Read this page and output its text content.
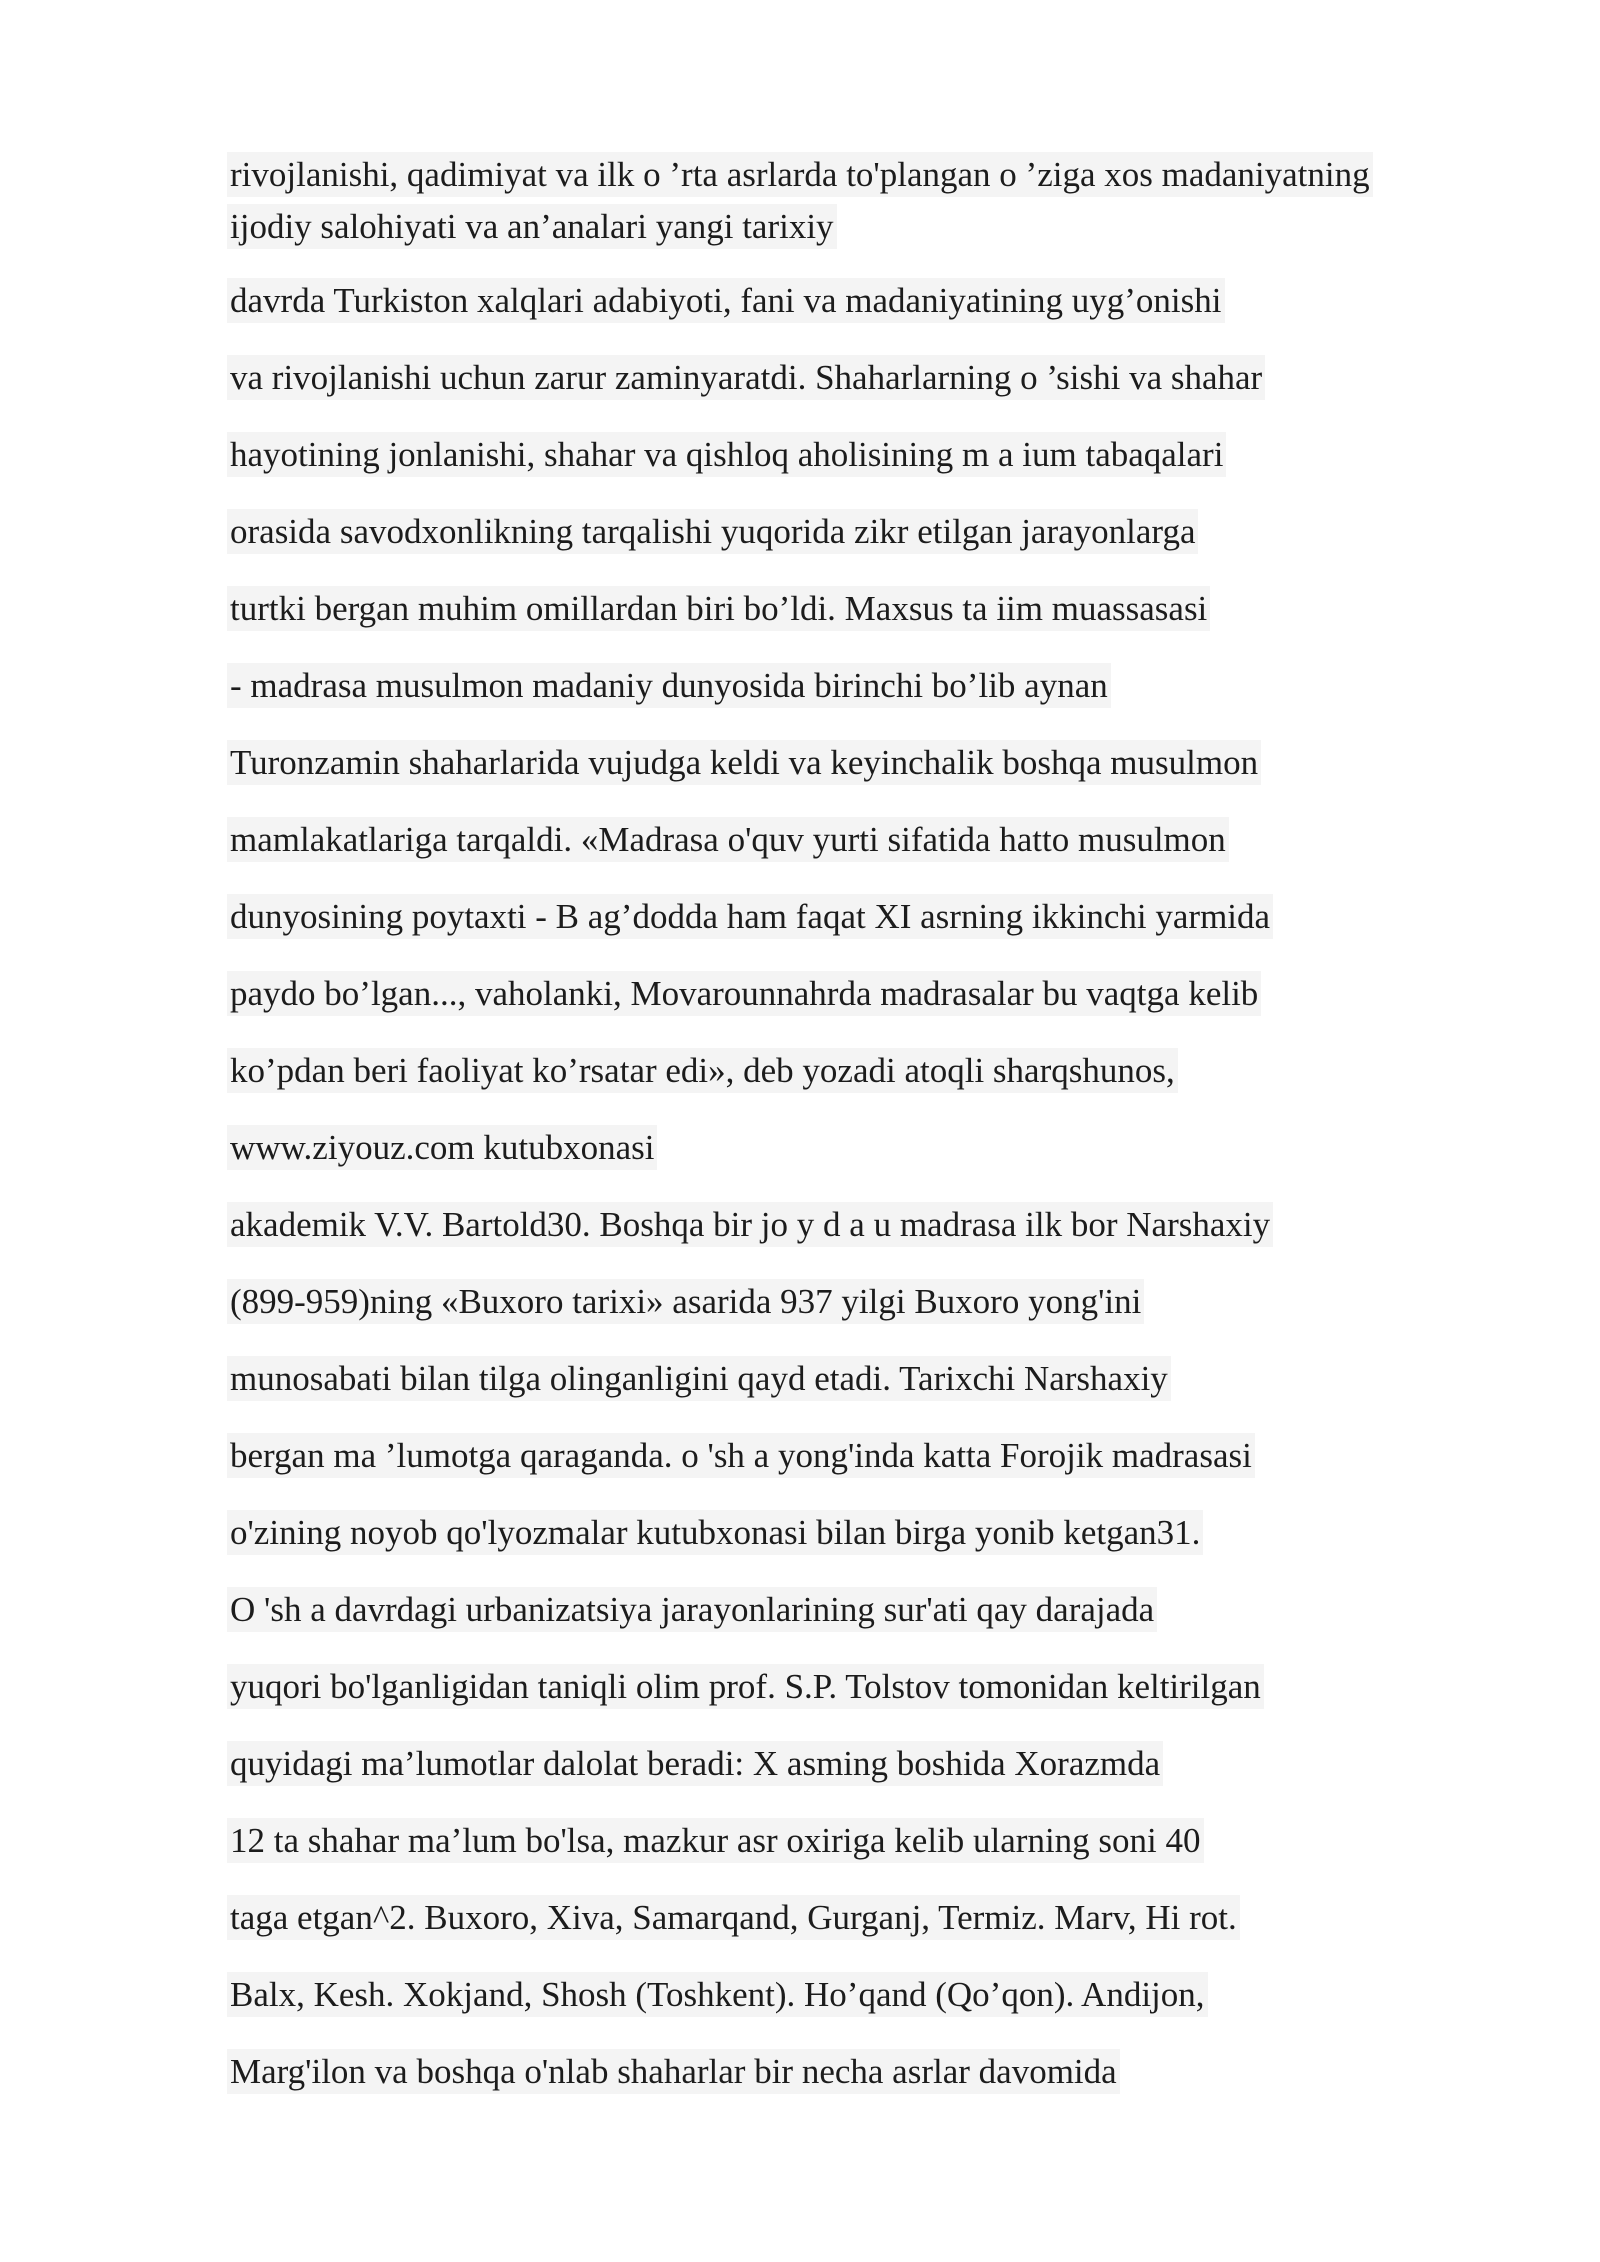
rivojlanishi, qadimiyat va ilk o ’rta asrlarda to'plangan o ’ziga xos madaniyatning
ijodiy salohiyati va an’analari yangi tarixiy
davrda Turkiston xalqlari adabiyoti, fani va madaniyatining uyg’onishi
va rivojlanishi uchun zarur zaminyaratdi. Shaharlarning o ’sishi va shahar
hayotining jonlanishi, shahar va qishloq aholisining m a ium tabaqalari
orasida savodxonlikning tarqalishi yuqorida zikr etilgan jarayonlarga
turtki bergan muhim omillardan biri bo’ldi. Maxsus ta iim muassasasi
- madrasa musulmon madaniy dunyosida birinchi bo’lib aynan
Turonzamin shaharlarida vujudga keldi va keyinchalik boshqa musulmon
mamlakatlariga tarqaldi. «Madrasa o'quv yurti sifatida hatto musulmon
dunyosining poytaxti - B ag’dodda ham faqat XI asrning ikkinchi yarmida
paydo bo’lgan..., vaholanki, Movarounnahrda madrasalar bu vaqtga kelib
ko’pdan beri faoliyat ko’rsatar edi», deb yozadi atoqli sharqshunos,
www.ziyouz.com kutubxonasi
akademik V.V. Bartold30. Boshqa bir jo y d a u madrasa ilk bor Narshaxiy
(899-959)ning «Buxoro tarixi» asarida 937 yilgi Buxoro yong'ini
munosabati bilan tilga olinganligini qayd etadi. Tarixchi Narshaxiy
bergan ma ’lumotga qaraganda. o 'sh a yong'inda katta Forojik madrasasi
o'zining noyob qo'lyozmalar kutubxonasi bilan birga yonib ketgan31.
O 'sh a davrdagi urbanizatsiya jarayonlarining sur'ati qay darajada
yuqori bo'lganligidan taniqli olim prof. S.P. Tolstov tomonidan keltirilgan
quyidagi ma’lumotlar dalolat beradi: X asming boshida Xorazmda
12 ta shahar ma’lum bo'lsa, mazkur asr oxiriga kelib ularning soni 40
taga etgan^2. Buxoro, Xiva, Samarqand, Gurganj, Termiz. Marv, Hi rot.
Balx, Kesh. Xokjand, Shosh (Toshkent). Ho’qand (Qo’qon). Andijon,
Marg'ilon va boshqa o'nlab shaharlar bir necha asrlar davomida
